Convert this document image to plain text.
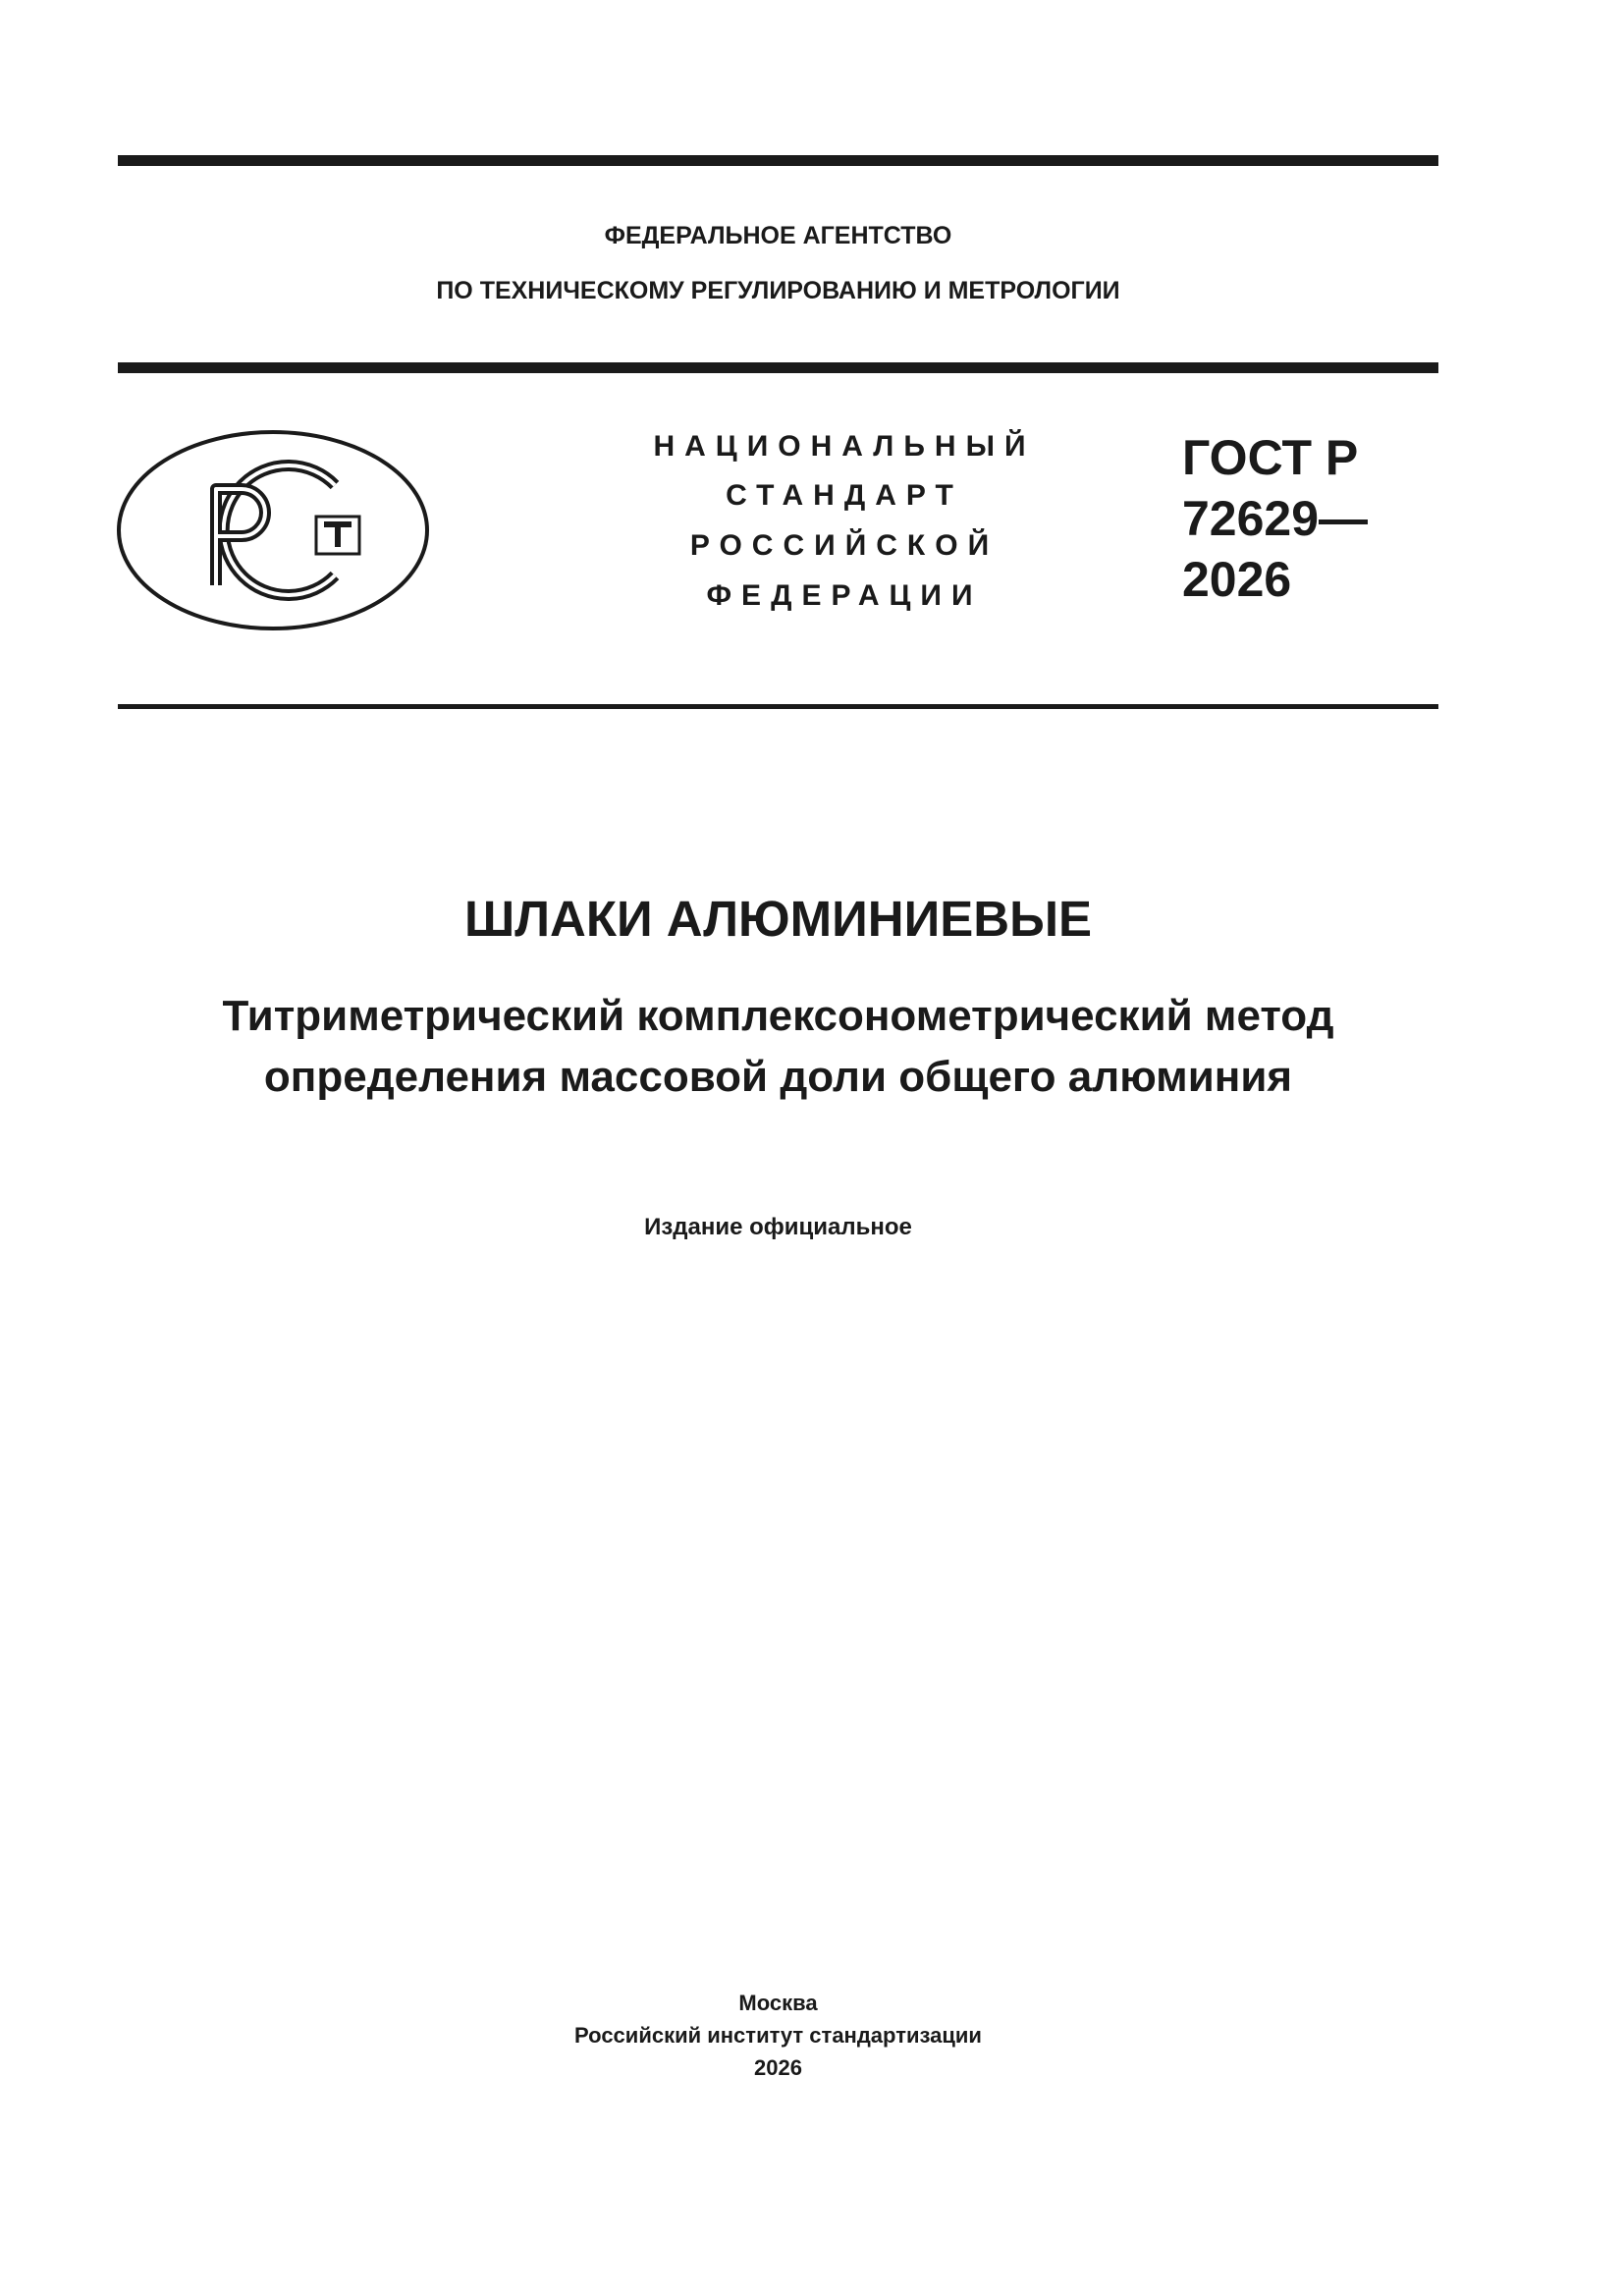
ФЕДЕРАЛЬНОЕ АГЕНТСТВО
ПО ТЕХНИЧЕСКОМУ РЕГУЛИРОВАНИЮ И МЕТРОЛОГИИ
НАЦИОНАЛЬНЫЙ
СТАНДАРТ
РОССИЙСКОЙ
ФЕДЕРАЦИИ
ГОСТ Р
72629—
2026
ШЛАКИ АЛЮМИНИЕВЫЕ
Титриметрический комплексонометрический метод
определения массовой доли общего алюминия
Издание официальное
Москва
Российский институт стандартизации
2026
